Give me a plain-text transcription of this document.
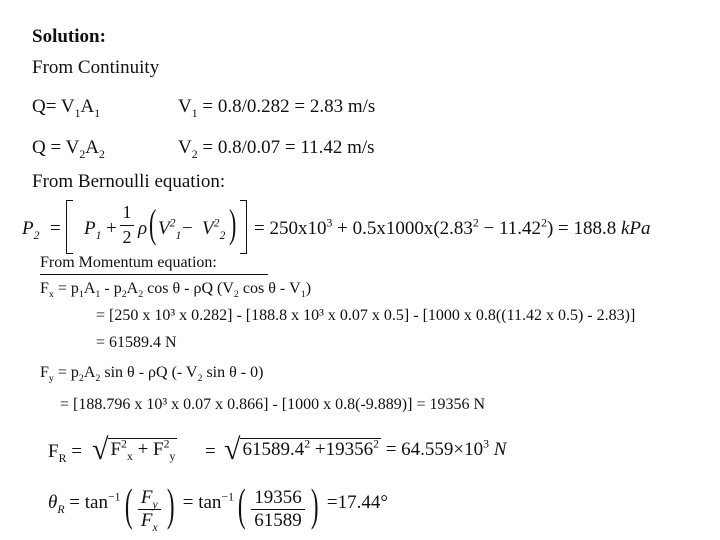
Solution:
From Continuity
$Q= V_1A_1$	$V_1 = 0.8/0.282 = 2.83$ m/s
$Q = V_2A_2$	$V_2 = 0.8/0.07 = 11.42$ m/s
From Bernoulli equation:
$P_2 = P_1$ +
1
2 ρ ( $V^2_1 - V^2_2$ ) = $250x10^3 + 0.5x1000x(2.83^2 - 11.42^2) = 188.8$ kPa
From Momentum equation:
$F_x = p_1A_1 - p_2A_2$ cos θ - ρQ ($V_2$ cos θ - $V_1$)
= [250 x 10³ x 0.282] - [188.8 x 10³ x 0.07 x 0.5] - [1000 x 0.8((11.42 x 0.5) - 2.83)]
= 61589.4 N
$F_y = p_2A_2$ sin θ - ρQ (- $V_2$ sin θ - 0)
= [188.796 x 10³ x 0.07 x 0.866] - [1000 x 0.8(-9.889)] = 19356 N
$F_R$ = √ $F^2_x + F^2_y$ = √ $61589.4^2 +19356^2 = 64.559\times 10^3$ N
$\theta_R = \tan^{-1}( \frac{F_y}{F_x}$ ) = $\tan^{-1}( \frac{19356}{61589}$ ) =17.44°
